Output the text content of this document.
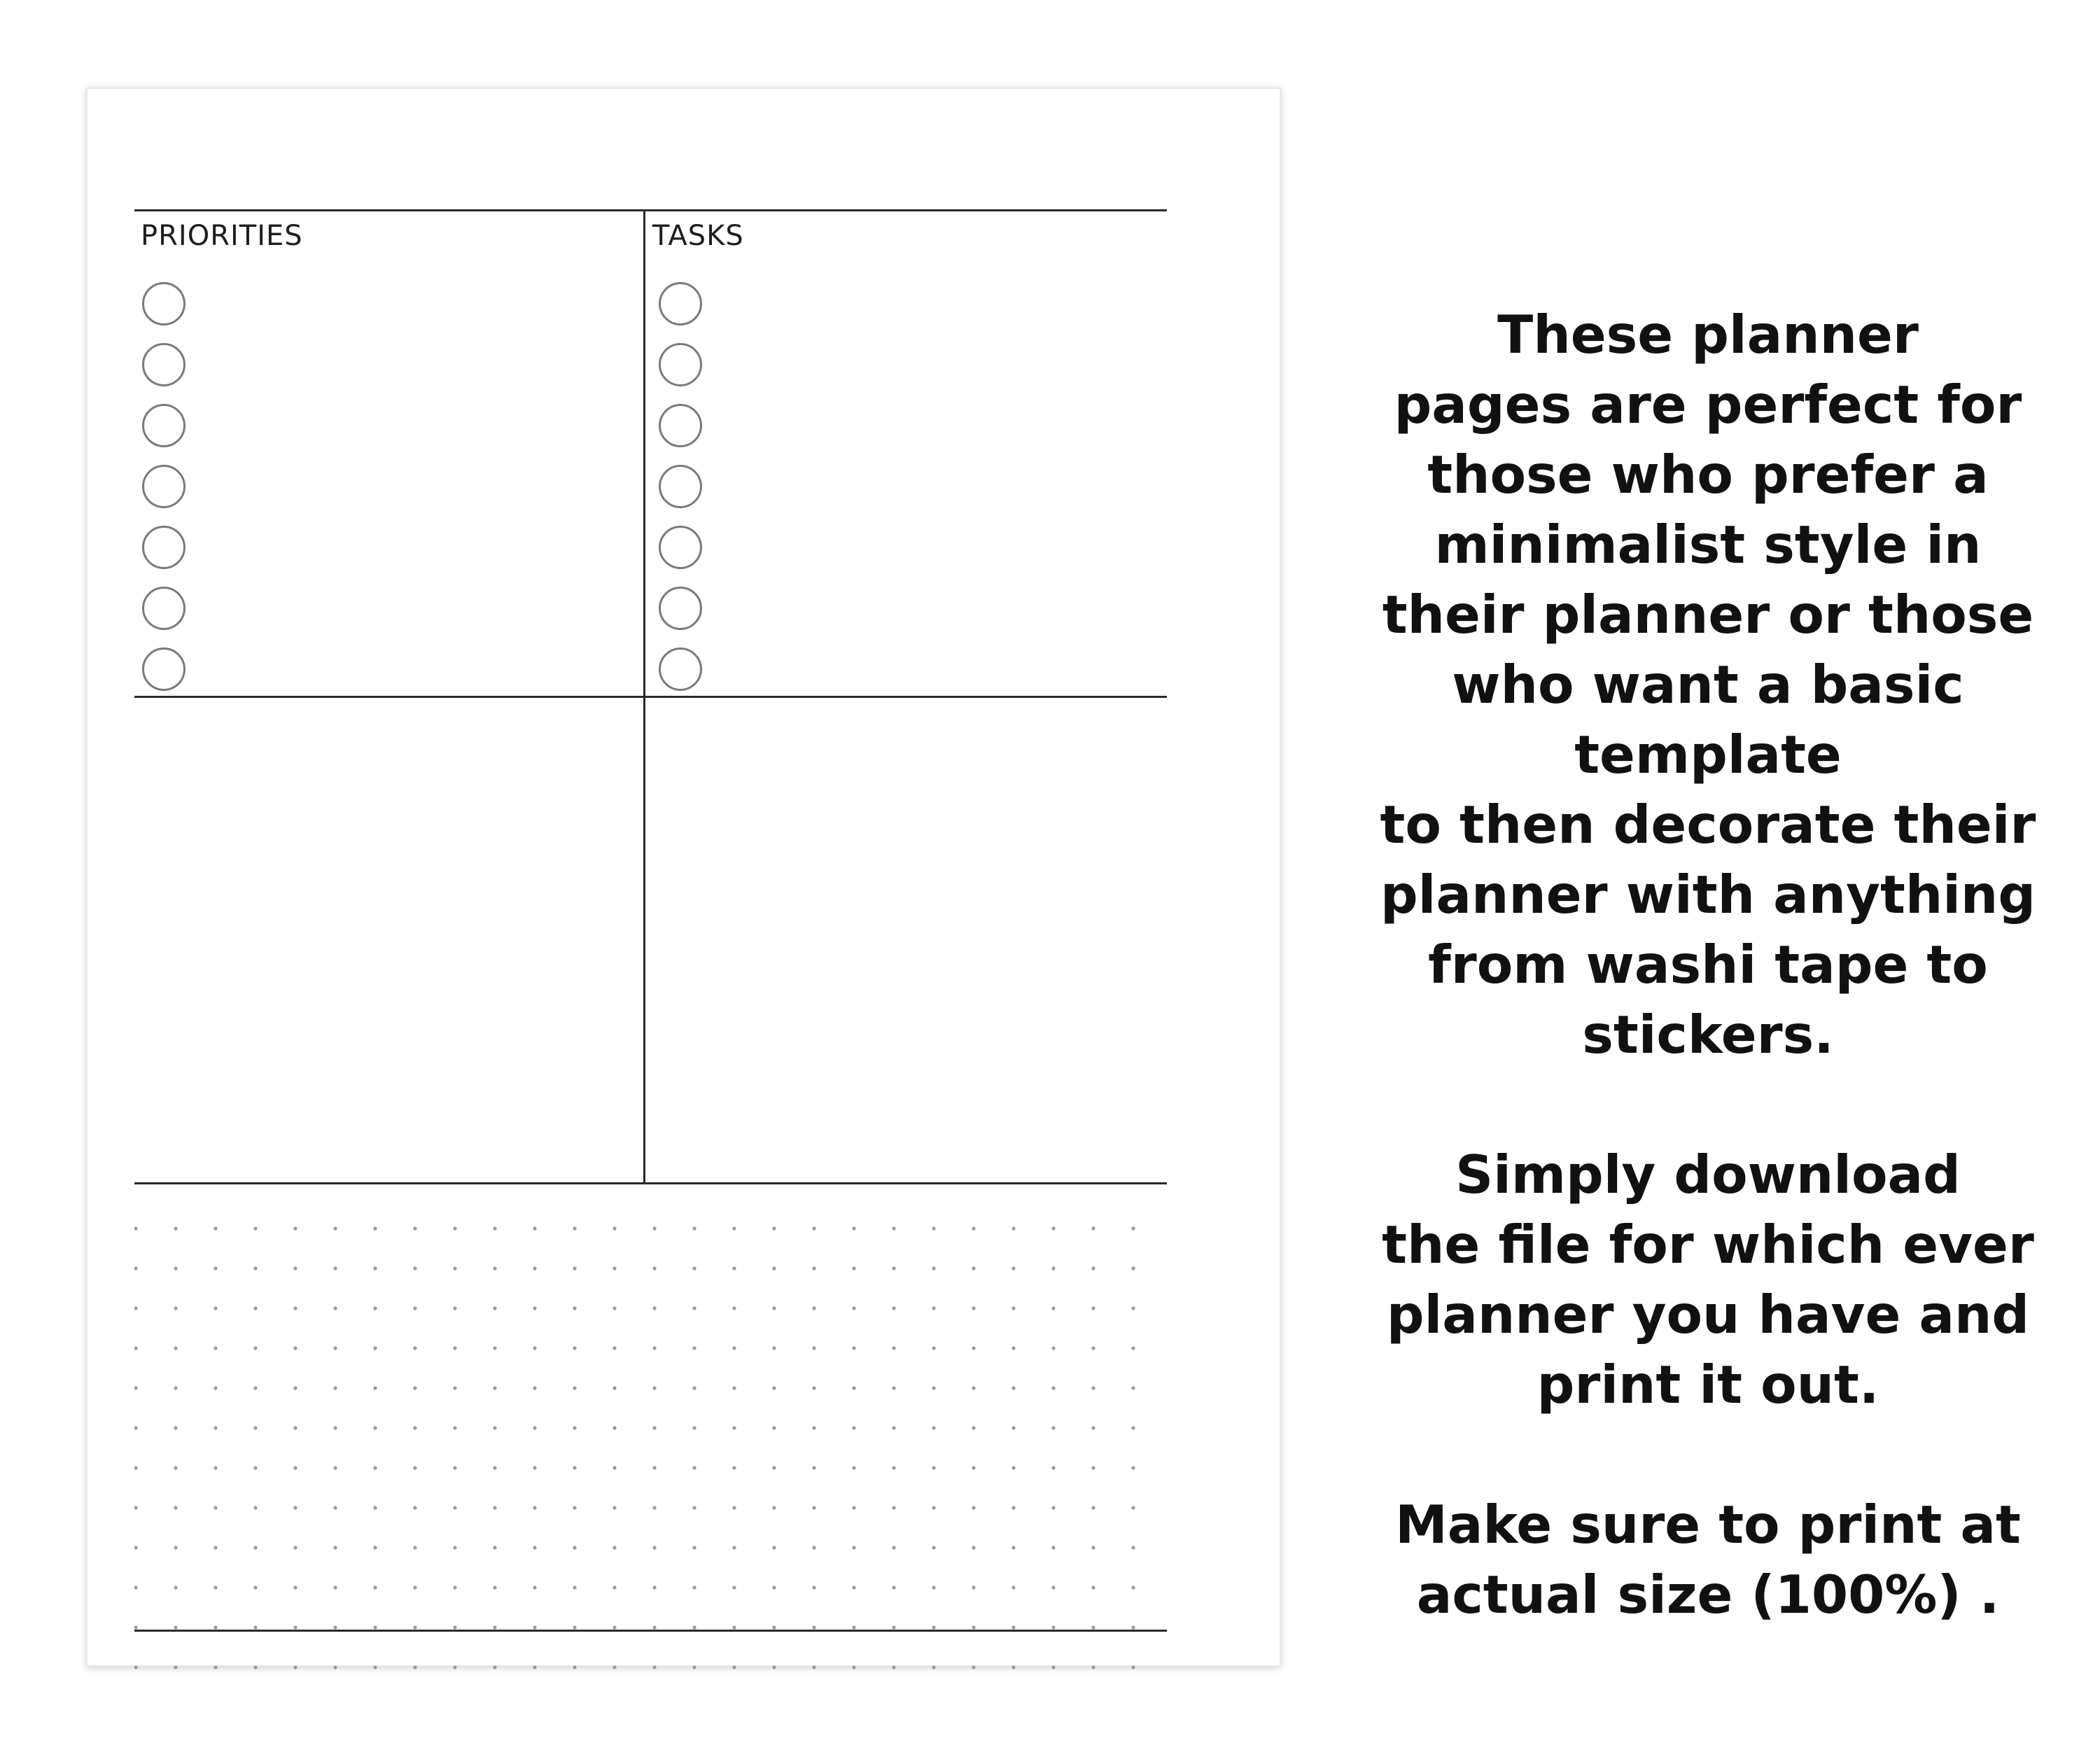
PRIORITIES	TASKS

These planner
pages are perfect for
those who prefer a
minimalist style in
their planner or those
who want a basic template
to then decorate their
planner with anything
from washi tape to
stickers.
Simply download
the file for which ever
planner you have and
print it out.
Make sure to print at
actual size (100%) .
